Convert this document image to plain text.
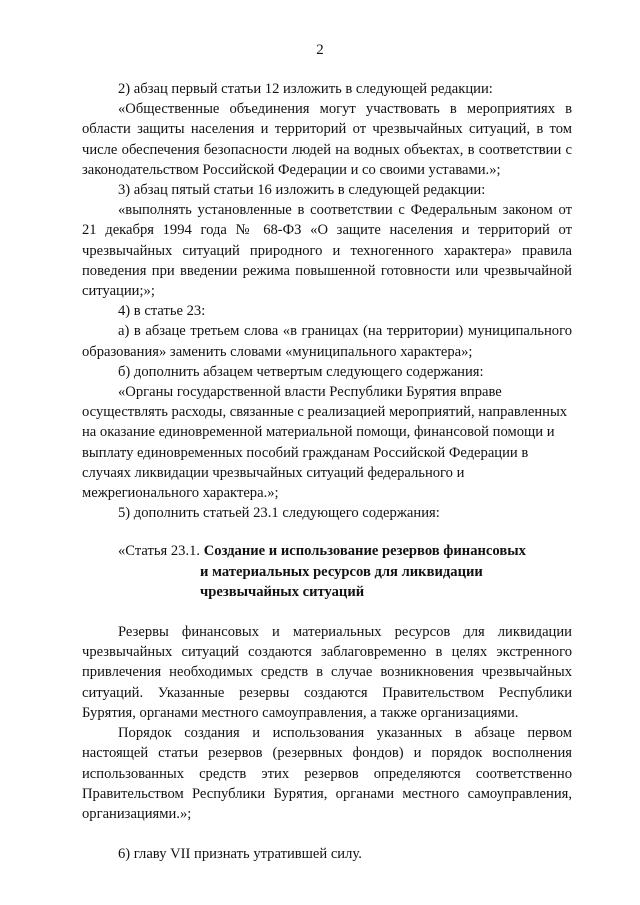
2

2) абзац первый статьи 12 изложить в следующей редакции:

«Общественные объединения могут участвовать в мероприятиях в области защиты населения и территорий от чрезвычайных ситуаций, в том числе обеспечения безопасности людей на водных объектах, в соответствии с законодательством Российской Федерации и со своими уставами.»;

3) абзац пятый статьи 16 изложить в следующей редакции:

«выполнять установленные в соответствии с Федеральным законом от 21 декабря 1994 года № 68-ФЗ «О защите населения и территорий от чрезвычайных ситуаций природного и техногенного характера» правила поведения при введении режима повышенной готовности или чрезвычайной ситуации;»;

4) в статье 23:

а) в абзаце третьем слова «в границах (на территории) муниципального образования» заменить словами «муниципального характера»;

б) дополнить абзацем четвертым следующего содержания:

«Органы государственной власти Республики Бурятия вправе осуществлять расходы, связанные с реализацией мероприятий, направленных на оказание единовременной материальной помощи, финансовой помощи и выплату единовременных пособий гражданам Российской Федерации в случаях ликвидации чрезвычайных ситуаций федерального и межрегионального характера.»;

5) дополнить статьей 23.1 следующего содержания:

«Статья 23.1. Создание и использование резервов финансовых

и материальных ресурсов для ликвидации

чрезвычайных ситуаций

Резервы финансовых и материальных ресурсов для ликвидации чрезвычайных ситуаций создаются заблаговременно в целях экстренного привлечения необходимых средств в случае возникновения чрезвычайных ситуаций. Указанные резервы создаются Правительством Республики Бурятия, органами местного самоуправления, а также организациями.

Порядок создания и использования указанных в абзаце первом настоящей статьи резервов (резервных фондов) и порядок восполнения использованных средств этих резервов определяются соответственно Правительством Республики Бурятия, органами местного самоуправления, организациями.»;

6) главу VII признать утратившей силу.
